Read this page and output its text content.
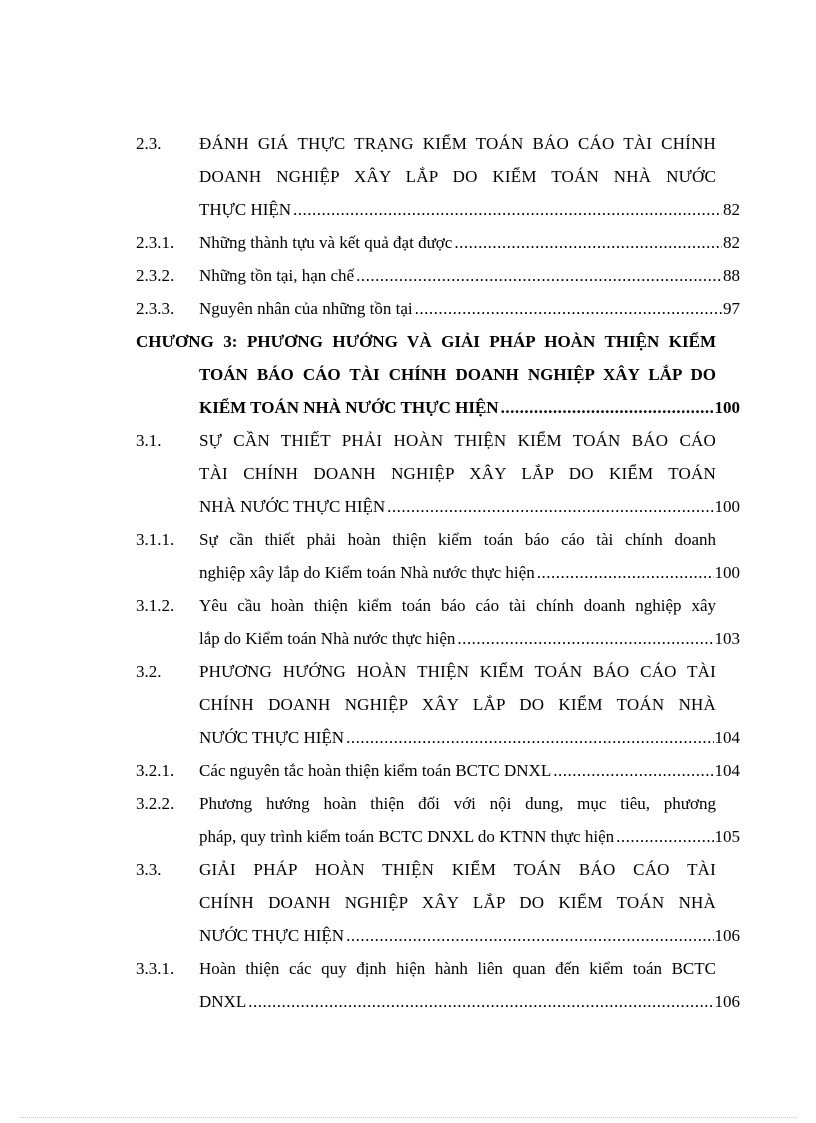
2.3. ĐÁNH GIÁ THỰC TRẠNG KIỂM TOÁN BÁO CÁO TÀI CHÍNH
DOANH NGHIỆP XÂY LẮP DO KIỂM TOÁN NHÀ NƯỚC
THỰC HIỆN .....	82
2.3.1. Những thành tựu và kết quả đạt được .....	82
2.3.2. Những tồn tại, hạn chế .....	88
2.3.3. Nguyên nhân của những tồn tại .....	97
CHƯƠNG 3: PHƯƠNG HƯỚNG VÀ GIẢI PHÁP HOÀN THIỆN KIỂM
TOÁN BÁO CÁO TÀI CHÍNH DOANH NGHIỆP XÂY LẮP DO
KIỂM TOÁN NHÀ NƯỚC THỰC HIỆN .....	100
3.1. SỰ CẦN THIẾT PHẢI HOÀN THIỆN KIỂM TOÁN BÁO CÁO
TÀI CHÍNH DOANH NGHIỆP XÂY LẮP DO KIỂM TOÁN
NHÀ NƯỚC THỰC HIỆN .....	100
3.1.1. Sự cần thiết phải hoàn thiện kiểm toán báo cáo tài chính doanh
nghiệp xây lắp do Kiểm toán Nhà nước thực hiện .....	100
3.1.2. Yêu cầu hoàn thiện kiểm toán báo cáo tài chính doanh nghiệp xây
lắp do Kiểm toán Nhà nước thực hiện .....	103
3.2. PHƯƠNG HƯỚNG HOÀN THIỆN KIỂM TOÁN BÁO CÁO TÀI
CHÍNH DOANH NGHIỆP XÂY LẮP DO KIỂM TOÁN NHÀ
NƯỚC THỰC HIỆN .....	104
3.2.1. Các nguyên tắc hoàn thiện kiểm toán BCTC DNXL .....	104
3.2.2. Phương hướng hoàn thiện đối với nội dung, mục tiêu, phương
pháp, quy trình kiểm toán BCTC DNXL do KTNN thực hiện .....	105
3.3. GIẢI PHÁP HOÀN THIỆN KIỂM TOÁN BÁO CÁO TÀI
CHÍNH DOANH NGHIỆP XÂY LẮP DO KIỂM TOÁN NHÀ
NƯỚC THỰC HIỆN .....	106
3.3.1. Hoàn thiện các quy định hiện hành liên quan đến kiểm toán BCTC
DNXL .....	106
